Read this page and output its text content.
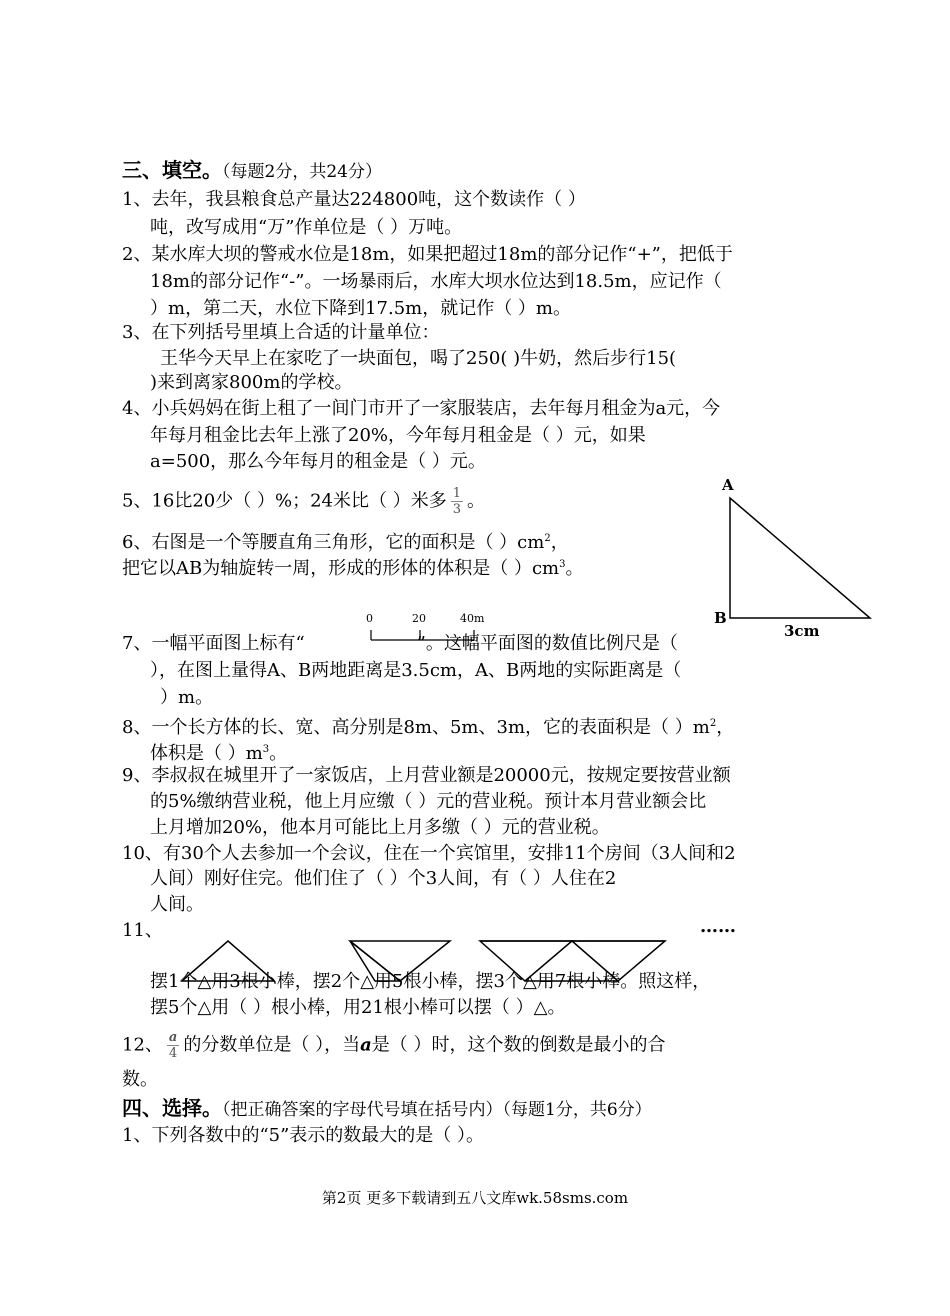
三、填空。（每题2分，共24分）
1、去年，我县粮食总产量达224800吨，这个数读作（ ）
吨，改写成用“万”作单位是（ ）万吨。
2、某水库大坝的警戒水位是18m，如果把超过18m的部分记作“+”，把低于
18m的部分记作“-”。一场暴雨后，水库大坝水位达到18.5m，应记作（
）m，第二天，水位下降到17.5m，就记作（ ）m。
3、在下列括号里填上合适的计量单位：
王华今天早上在家吃了一块面包，喝了250( )牛奶，然后步行15(
)来到离家800m的学校。
4、小兵妈妈在街上租了一间门市开了一家服装店，去年每月租金为a元，今
年每月租金比去年上涨了20%，今年每月租金是（ ）元，如果
a=500，那么今年每月的租金是（ ）元。
5、16比20少（ ）%；24米比（ ）米多 $\frac{1}{3}$ 。
6、右图是一个等腰直角三角形，它的面积是（ ）$cm^2$，
把它以AB为轴旋转一周，形成的形体的体积是（ ）$cm^3$。
A
B
3cm
7、一幅平面图上标有“	”。这幅平面图的数值比例尺是（
0	20	40m
），在图上量得A、B两地距离是3.5cm，A、B两地的实际距离是（
）m。
8、一个长方体的长、宽、高分别是8m、5m、3m，它的表面积是（ ）$m^2$，
体积是（ ）$m^3$。
9、李叔叔在城里开了一家饭店，上月营业额是20000元，按规定要按营业额
的5%缴纳营业税，他上月应缴（ ）元的营业税。预计本月营业额会比
上月增加20%，他本月可能比上月多缴（ ）元的营业税。
10、有30个人去参加一个会议，住在一个宾馆里，安排11个房间（3人间和2
人间）刚好住完。他们住了（ ）个3人间，有（ ）人住在2
人间。
11、	……
摆1个△用3根小棒，摆2个△用5根小棒，摆3个△用7根小棒。照这样，
摆5个△用（ ）根小棒，用21根小棒可以摆（ ）△。
12、 $\frac{a}{4}$ 的分数单位是（ ），当a是（ ）时，这个数的倒数是最小的合
数。
四、选择。（把正确答案的字母代号填在括号内）（每题1分，共6分）
1、下列各数中的“5”表示的数最大的是（ ）。
第2页 更多下载请到五八文库wk.58sms.com
